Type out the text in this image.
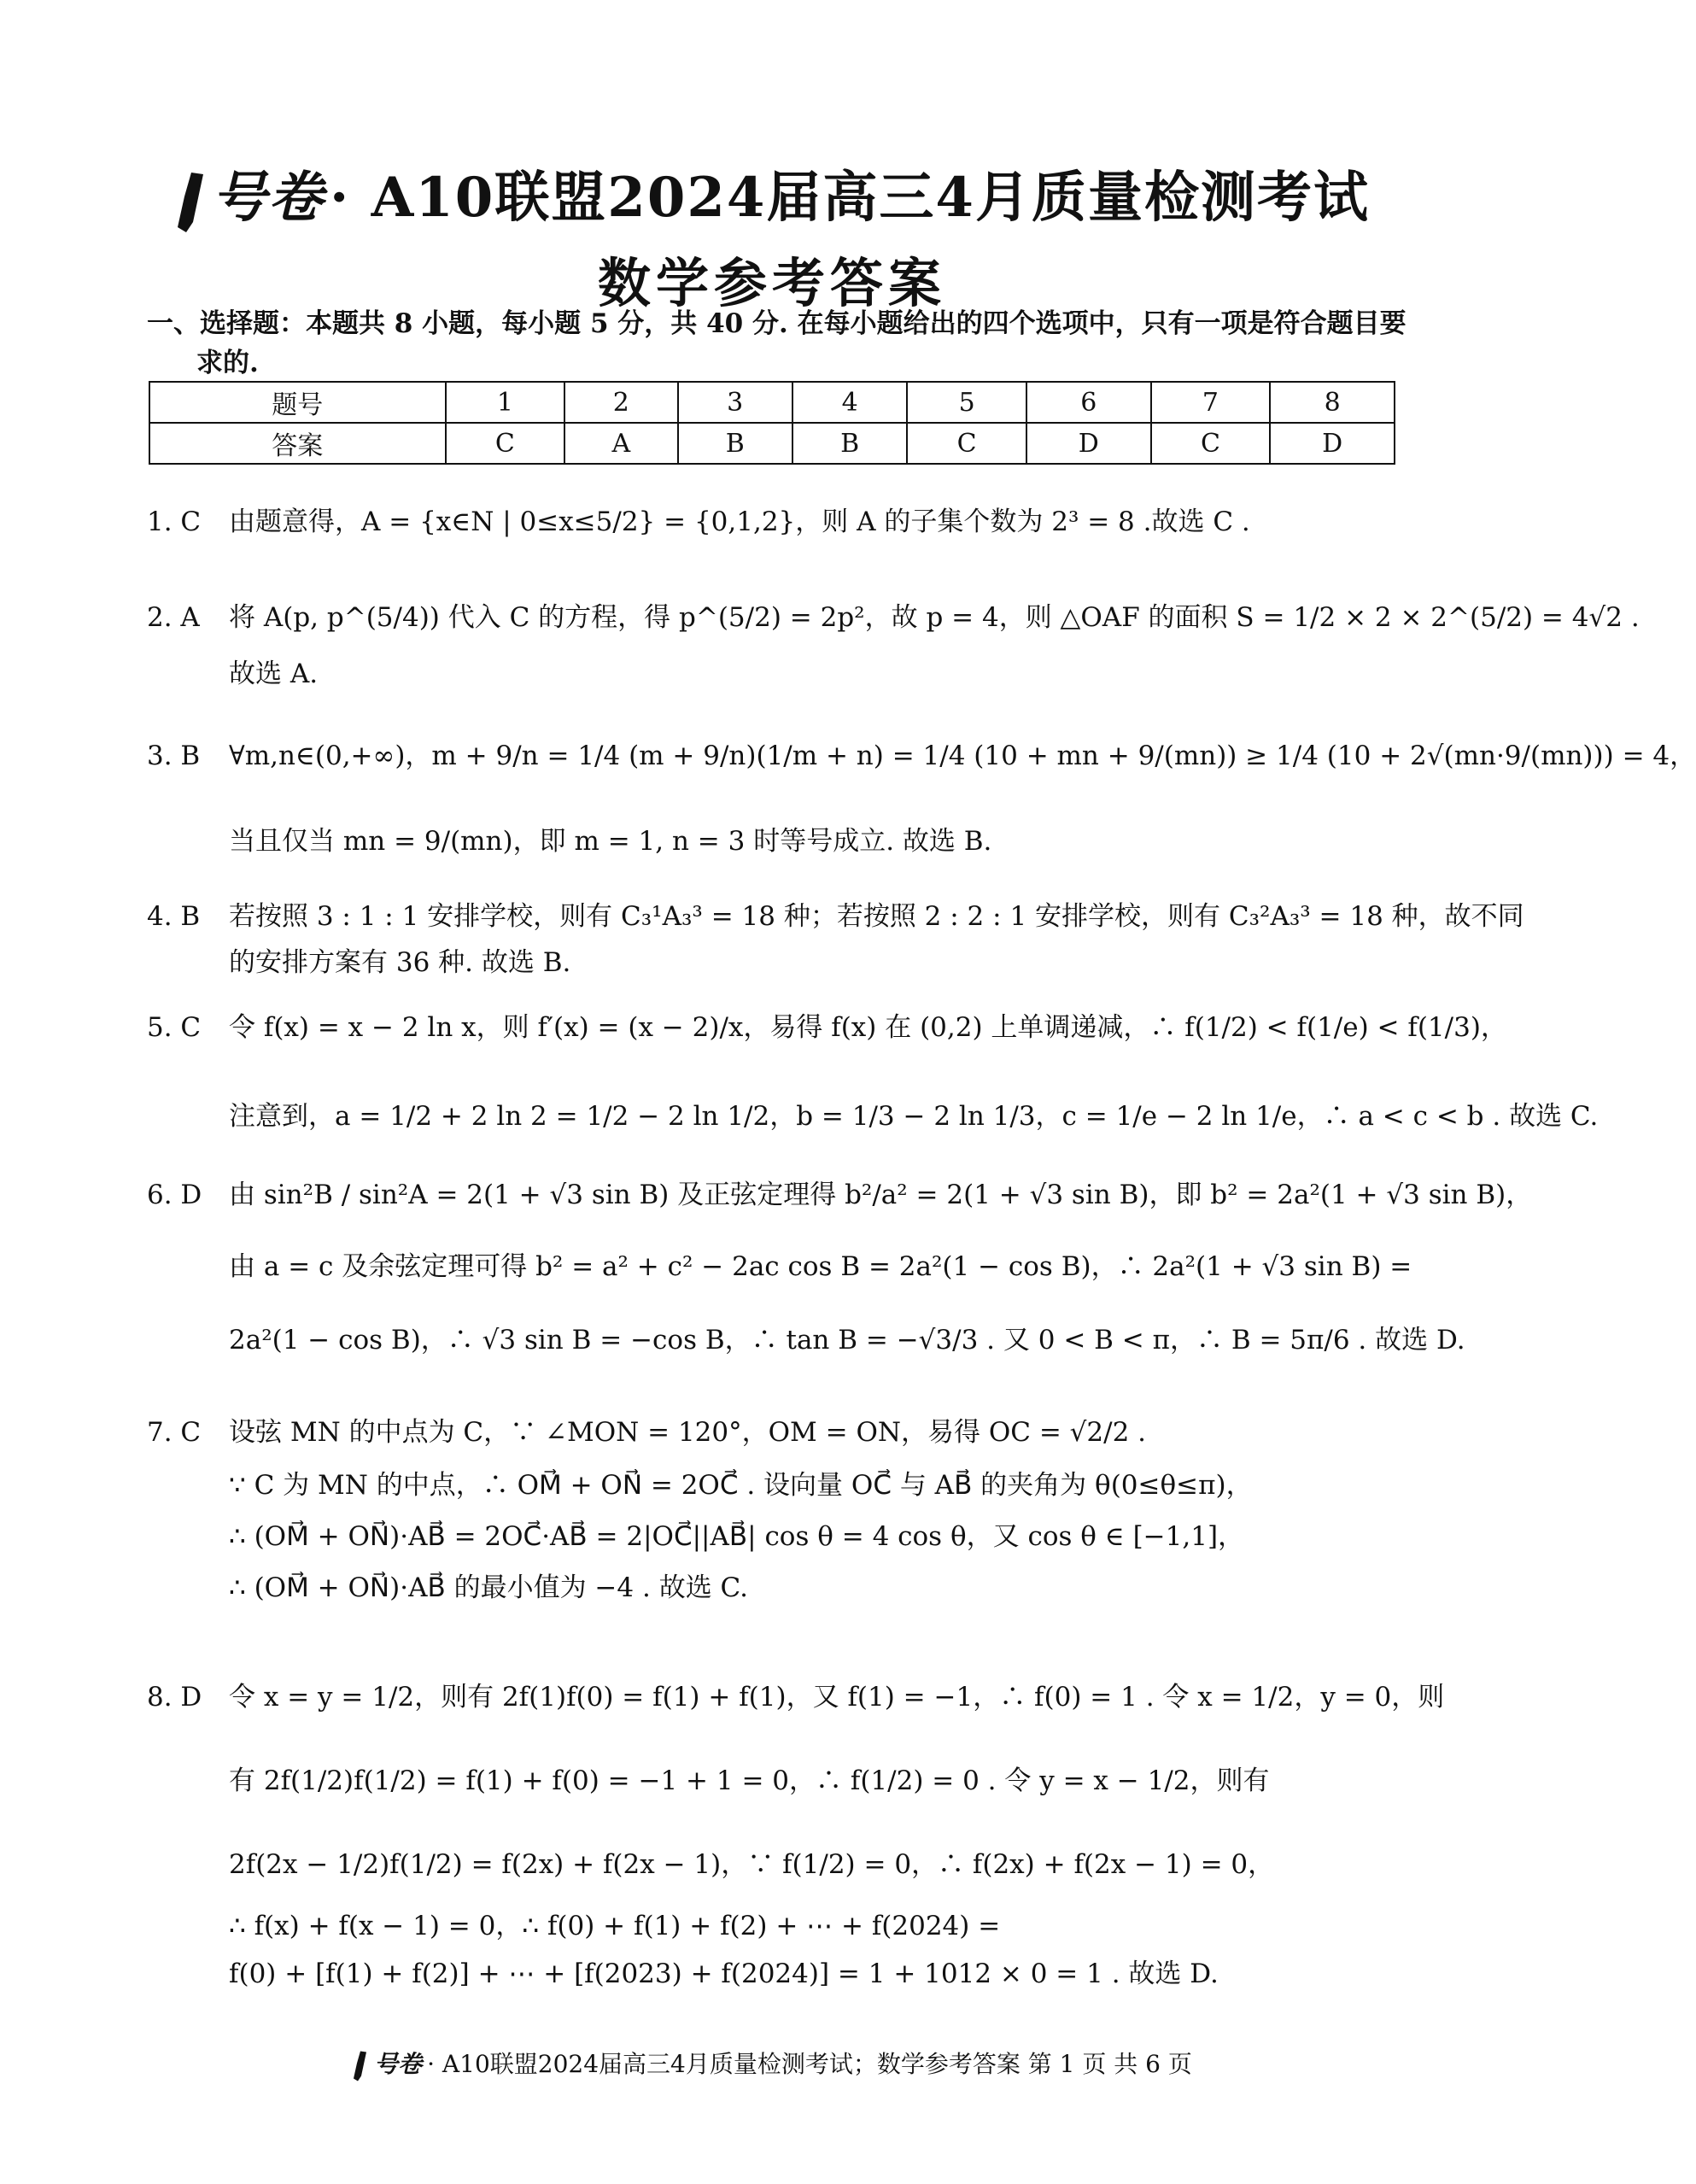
号卷· A10联盟2024届高三4月质量检测考试
数学参考答案
一、选择题：本题共 8 小题，每小题 5 分，共 40 分. 在每小题给出的四个选项中，只有一项是符合题目要
求的.
题号	1	2	3	4	5	6	7	8
答案	C	A	B	B	C	D	C	D
1. C	由题意得，A = {x∈N | 0≤x≤5/2} = {0,1,2}，则 A 的子集个数为 2³ = 8 .故选 C .
2. A	将 A(p, p^(5/4)) 代入 C 的方程，得 p^(5/2) = 2p²，故 p = 4，则 △OAF 的面积 S = 1/2 × 2 × 2^(5/2) = 4√2 .
故选 A.
3. B	∀m,n∈(0,+∞)，m + 9/n = 1/4 (m + 9/n)(1/m + n) = 1/4 (10 + mn + 9/(mn)) ≥ 1/4 (10 + 2√(mn·9/(mn))) = 4，
当且仅当 mn = 9/(mn)，即 m = 1, n = 3 时等号成立. 故选 B.
4. B	若按照 3 : 1 : 1 安排学校，则有 C₃¹A₃³ = 18 种；若按照 2 : 2 : 1 安排学校，则有 C₃²A₃³ = 18 种，故不同
的安排方案有 36 种. 故选 B.
5. C	令 f(x) = x − 2 ln x，则 f′(x) = (x − 2)/x，易得 f(x) 在 (0,2) 上单调递减，∴ f(1/2) < f(1/e) < f(1/3)，
注意到，a = 1/2 + 2 ln 2 = 1/2 − 2 ln 1/2，b = 1/3 − 2 ln 1/3，c = 1/e − 2 ln 1/e，∴ a < c < b . 故选 C.
6. D	由 sin²B / sin²A = 2(1 + √3 sin B) 及正弦定理得 b²/a² = 2(1 + √3 sin B)，即 b² = 2a²(1 + √3 sin B)，
由 a = c 及余弦定理可得 b² = a² + c² − 2ac cos B = 2a²(1 − cos B)，∴ 2a²(1 + √3 sin B) =
2a²(1 − cos B)，∴ √3 sin B = −cos B，∴ tan B = −√3/3 . 又 0 < B < π，∴ B = 5π/6 . 故选 D.
7. C	设弦 MN 的中点为 C，∵ ∠MON = 120°，OM = ON，易得 OC = √2/2 .
∵ C 为 MN 的中点，∴ OM⃗ + ON⃗ = 2OC⃗ . 设向量 OC⃗ 与 AB⃗ 的夹角为 θ(0≤θ≤π)，
∴ (OM⃗ + ON⃗)·AB⃗ = 2OC⃗·AB⃗ = 2|OC⃗||AB⃗| cos θ = 4 cos θ，又 cos θ ∈ [−1,1]，
∴ (OM⃗ + ON⃗)·AB⃗ 的最小值为 −4 . 故选 C.
8. D	令 x = y = 1/2，则有 2f(1)f(0) = f(1) + f(1)，又 f(1) = −1，∴ f(0) = 1 . 令 x = 1/2，y = 0，则
有 2f(1/2)f(1/2) = f(1) + f(0) = −1 + 1 = 0，∴ f(1/2) = 0 . 令 y = x − 1/2，则有
2f(2x − 1/2)f(1/2) = f(2x) + f(2x − 1)，∵ f(1/2) = 0，∴ f(2x) + f(2x − 1) = 0，
∴ f(x) + f(x − 1) = 0，∴ f(0) + f(1) + f(2) + ⋯ + f(2024) =
f(0) + [f(1) + f(2)] + ⋯ + [f(2023) + f(2024)] = 1 + 1012 × 0 = 1 . 故选 D.
号卷 · A10联盟2024届高三4月质量检测考试；数学参考答案 第 1 页 共 6 页
